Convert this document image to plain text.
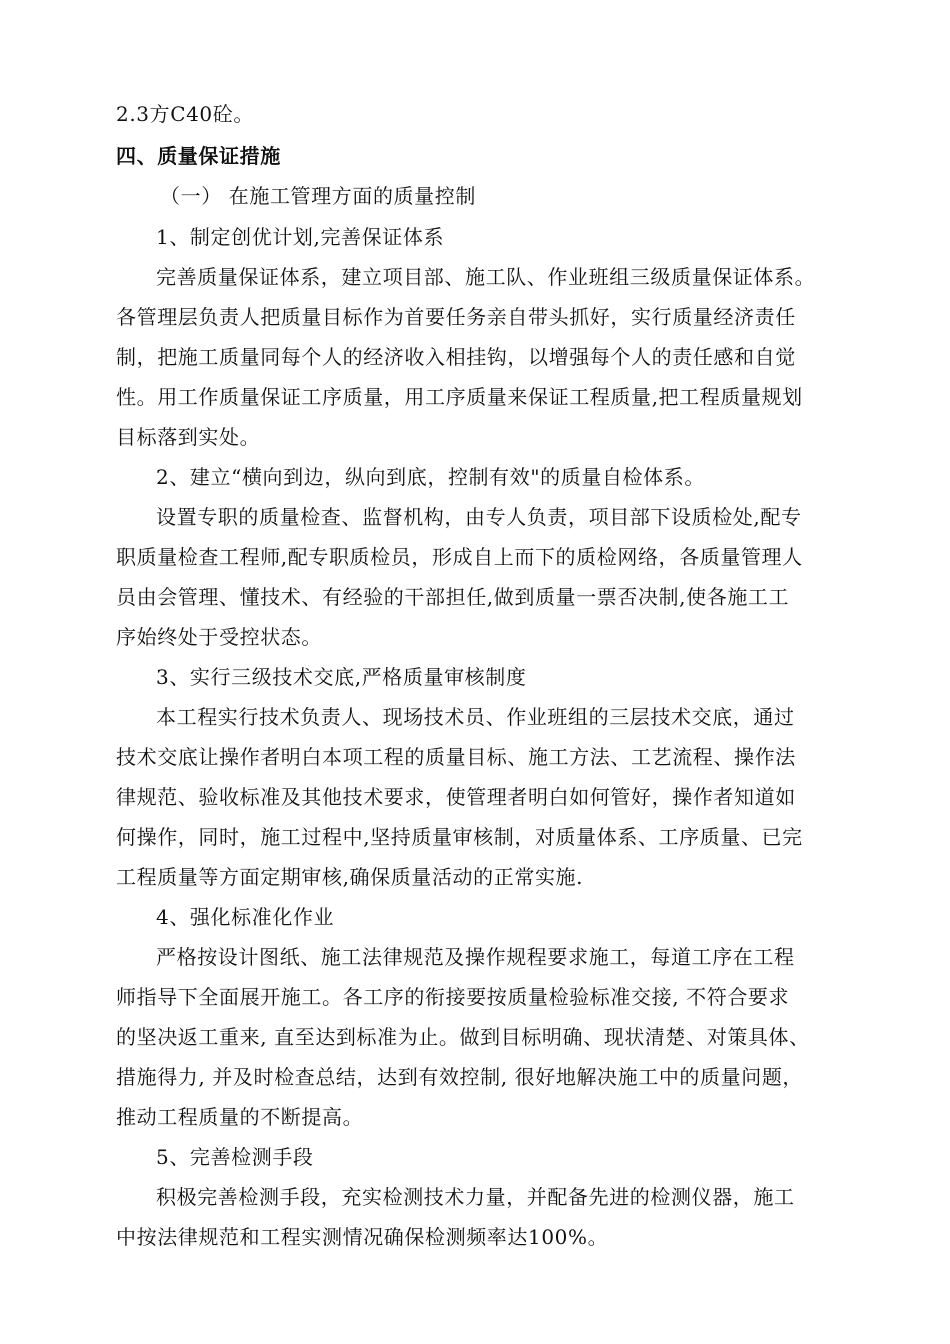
2.3方C40砼。
四、质量保证措施
（一） 在施工管理方面的质量控制
1、制定创优计划,完善保证体系
完善质量保证体系，建立项目部、施工队、作业班组三级质量保证体系。
各管理层负责人把质量目标作为首要任务亲自带头抓好，实行质量经济责任
制，把施工质量同每个人的经济收入相挂钩，以增强每个人的责任感和自觉
性。用工作质量保证工序质量，用工序质量来保证工程质量,把工程质量规划
目标落到实处。
2、建立“横向到边，纵向到底，控制有效"的质量自检体系。
设置专职的质量检查、监督机构，由专人负责，项目部下设质检处,配专
职质量检查工程师,配专职质检员，形成自上而下的质检网络，各质量管理人
员由会管理、懂技术、有经验的干部担任,做到质量一票否决制,使各施工工
序始终处于受控状态。
3、实行三级技术交底,严格质量审核制度
本工程实行技术负责人、现场技术员、作业班组的三层技术交底，通过
技术交底让操作者明白本项工程的质量目标、施工方法、工艺流程、操作法
律规范、验收标准及其他技术要求，使管理者明白如何管好，操作者知道如
何操作，同时，施工过程中,坚持质量审核制，对质量体系、工序质量、已完
工程质量等方面定期审核,确保质量活动的正常实施.
4、强化标准化作业
严格按设计图纸、施工法律规范及操作规程要求施工，每道工序在工程
师指导下全面展开施工。各工序的衔接要按质量检验标准交接, 不符合要求
的坚决返工重来, 直至达到标准为止。做到目标明确、现状清楚、对策具体、
措施得力, 并及时检查总结，达到有效控制, 很好地解决施工中的质量问题，
推动工程质量的不断提高。
5、完善检测手段
积极完善检测手段，充实检测技术力量，并配备先进的检测仪器，施工
中按法律规范和工程实测情况确保检测频率达100%。
